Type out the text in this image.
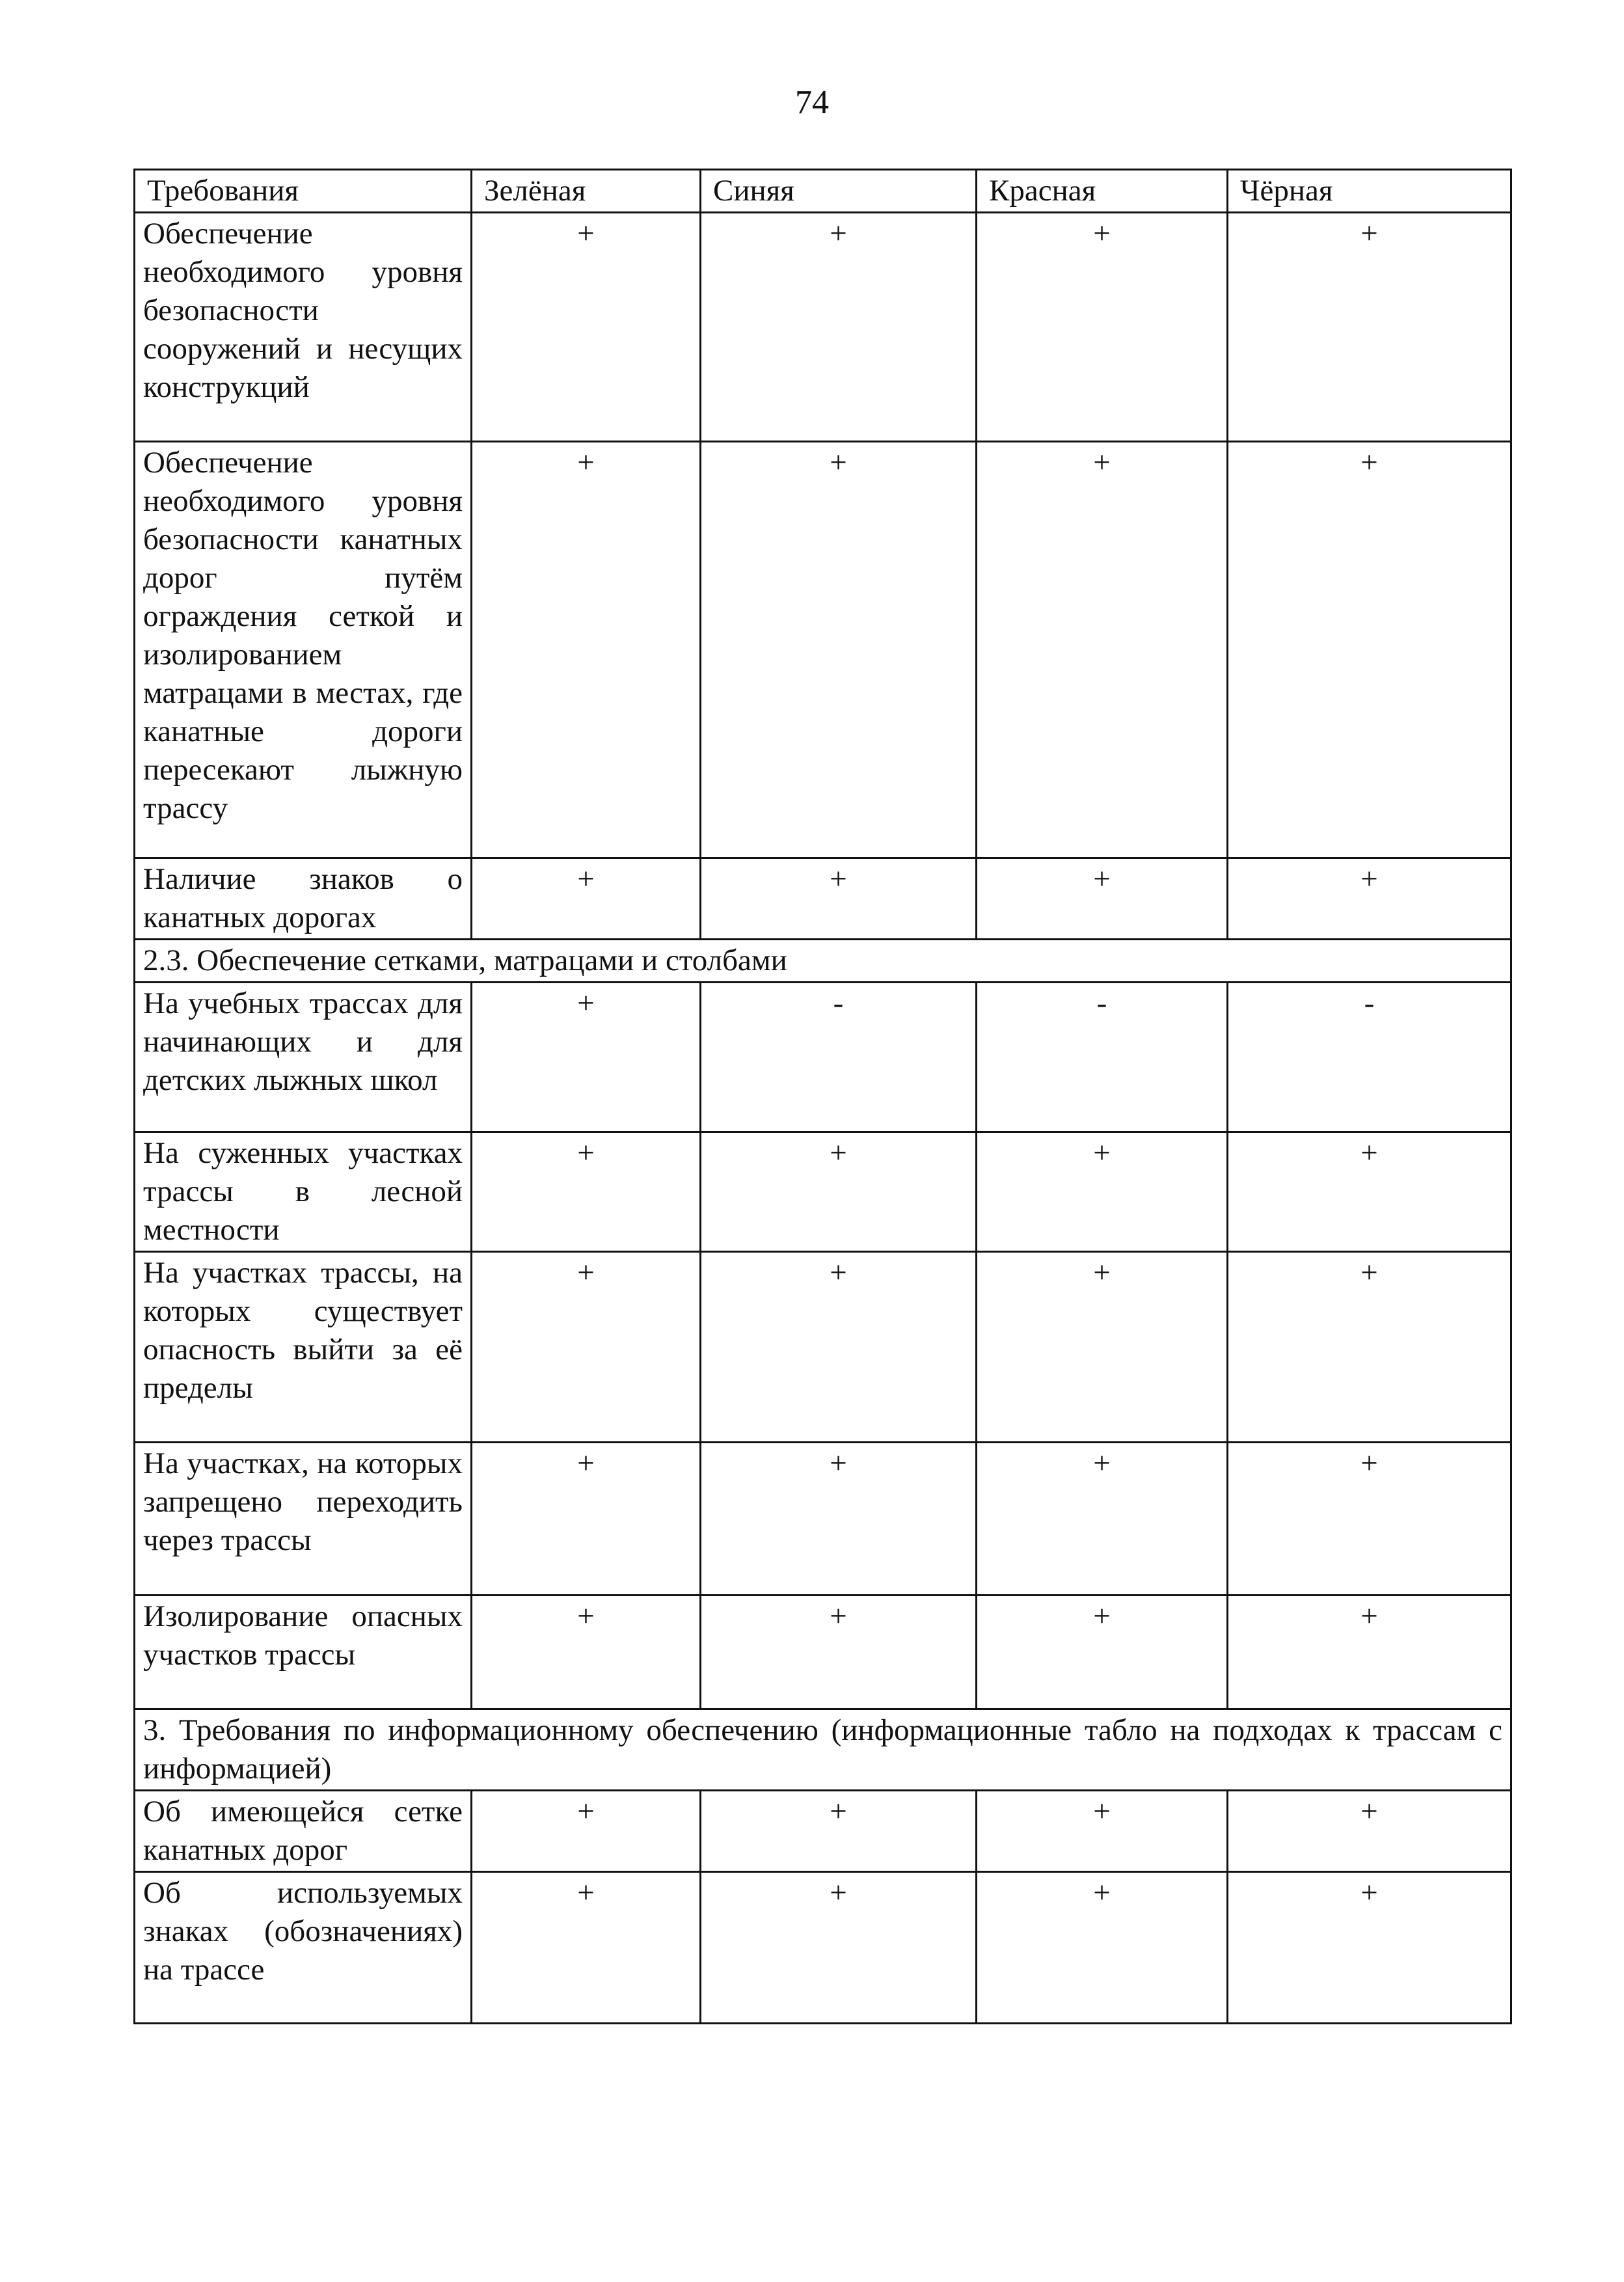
74
Требования	Зелёная	Синяя	Красная	Чёрная
Обеспечение необходимого уровня безопасности сооружений и несущих конструкций	+	+	+	+
Обеспечение необходимого уровня безопасности канатных дорог путём ограждения сеткой и изолированием матрацами в местах, где канатные дороги пересекают лыжную трассу	+	+	+	+
Наличие знаков о канатных дорогах	+	+	+	+
2.3. Обеспечение сетками, матрацами и столбами				
На учебных трассах для начинающих и для детских лыжных школ	+	-	-	-
На суженных участках трассы в лесной местности	+	+	+	+
На участках трассы, на которых существует опасность выйти за её пределы	+	+	+	+
На участках, на которых запрещено переходить через трассы	+	+	+	+
Изолирование опасных участков трассы	+	+	+	+
3. Требования по информационному обеспечению (информационные табло на подходах к трассам с информацией)				
Об имеющейся сетке канатных дорог	+	+	+	+
Об используемых знаках (обозначениях) на трассе	+	+	+	+
